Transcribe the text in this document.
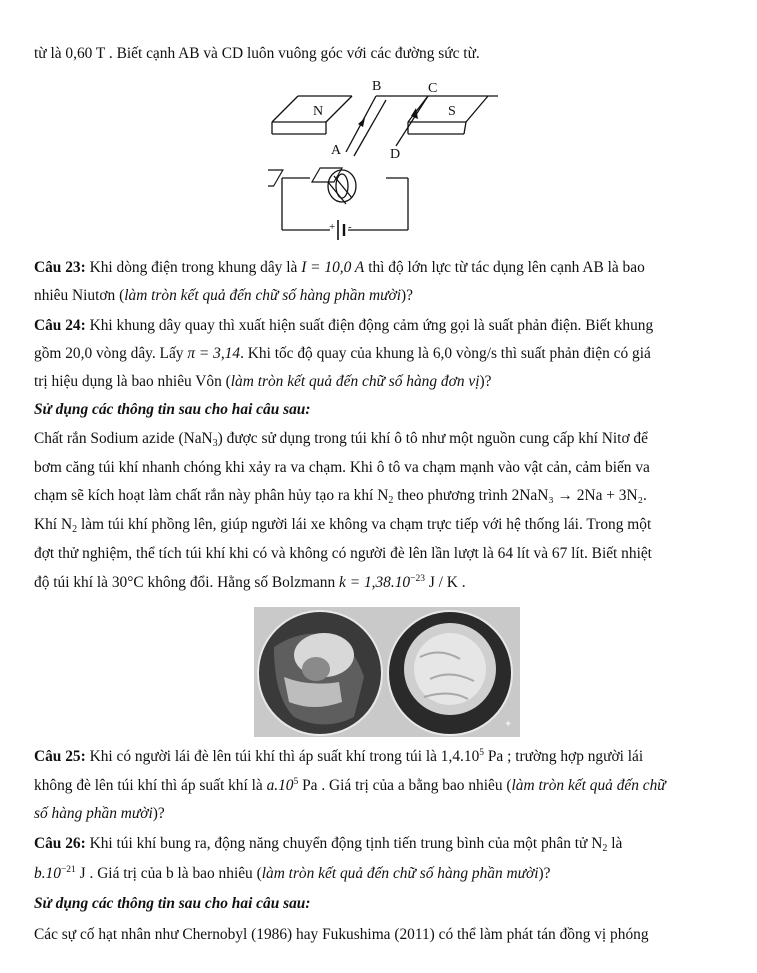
từ là 0,60 T . Biết cạnh AB và CD luôn vuông góc với các đường sức từ.
N	S
B	C
A	D
+ -
Câu 23: Khi dòng điện trong khung dây là I = 10,0 A thì độ lớn lực từ tác dụng lên cạnh AB là bao
nhiêu Niutơn (làm tròn kết quả đến chữ số hàng phần mười)?
Câu 24: Khi khung dây quay thì xuất hiện suất điện động cảm ứng gọi là suất phản điện. Biết khung
gồm 20,0 vòng dây. Lấy π = 3,14. Khi tốc độ quay của khung là 6,0 vòng/s thì suất phản điện có giá
trị hiệu dụng là bao nhiêu Vôn (làm tròn kết quả đến chữ số hàng đơn vị)?
Sử dụng các thông tin sau cho hai câu sau:
Chất rắn Sodium azide (NaN$_3$) được sử dụng trong túi khí ô tô như một nguồn cung cấp khí Nitơ để
bơm căng túi khí nhanh chóng khi xảy ra va chạm. Khi ô tô va chạm mạnh vào vật cản, cảm biến va
chạm sẽ kích hoạt làm chất rắn này phân hủy tạo ra khí $N_2$ theo phương trình 2NaN₃ → 2Na + 3N₂.
Khí $N_2$ làm túi khí phồng lên, giúp người lái xe không va chạm trực tiếp với hệ thống lái. Trong một
đợt thử nghiệm, thể tích túi khí khi có và không có người đè lên lần lượt là 64 lít và 67 lít. Biết nhiệt
độ túi khí là 30°C không đổi. Hằng số Bolzmann $k = 1,38.10^{-23}$ J / K .
✦
Câu 25: Khi có người lái đè lên túi khí thì áp suất khí trong túi là 1,4.10$^5$ Pa ; trường hợp người lái
không đè lên túi khí thì áp suất khí là $a.10^5$ Pa . Giá trị của a bằng bao nhiêu (làm tròn kết quả đến chữ
số hàng phần mười)?
Câu 26: Khi túi khí bung ra, động năng chuyển động tịnh tiến trung bình của một phân tử $N_2$ là
$b.10^{-21}$ J . Giá trị của b là bao nhiêu (làm tròn kết quả đến chữ số hàng phần mười)?
Sử dụng các thông tin sau cho hai câu sau:
Các sự cố hạt nhân như Chernobyl (1986) hay Fukushima (2011) có thể làm phát tán đồng vị phóng
